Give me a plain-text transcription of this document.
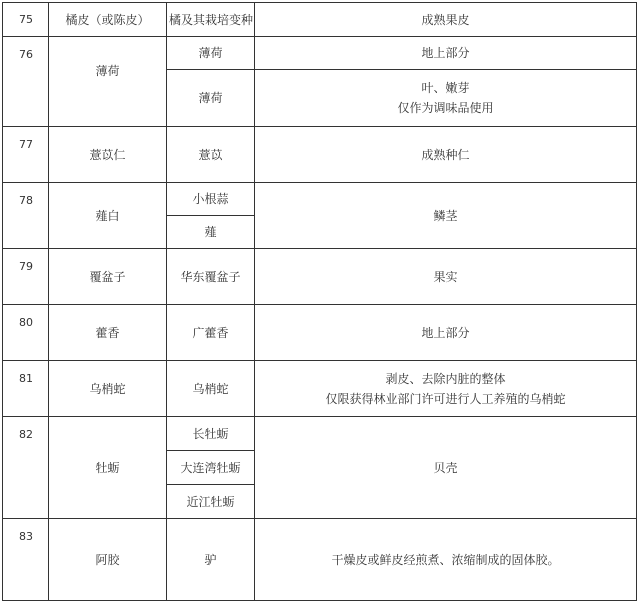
75	橘皮（或陈皮）	橘及其栽培变种	成熟果皮
76	薄荷	薄荷	地上部分
		薄荷	叶、嫩芽
仅作为调味品使用

77	薏苡仁	薏苡	成熟种仁
78	薤白	小根蒜	鳞茎
		薤	
79	覆盆子	华东覆盆子	果实
80	藿香	广藿香	地上部分
81	乌梢蛇	乌梢蛇	剥皮、去除内脏的整体
仅限获得林业部门许可进行人工养殖的乌梢蛇

82	牡蛎	长牡蛎	贝壳
		大连湾牡蛎	
		近江牡蛎	
83	阿胶	驴	干燥皮或鲜皮经煎煮、浓缩制成的固体胶。
